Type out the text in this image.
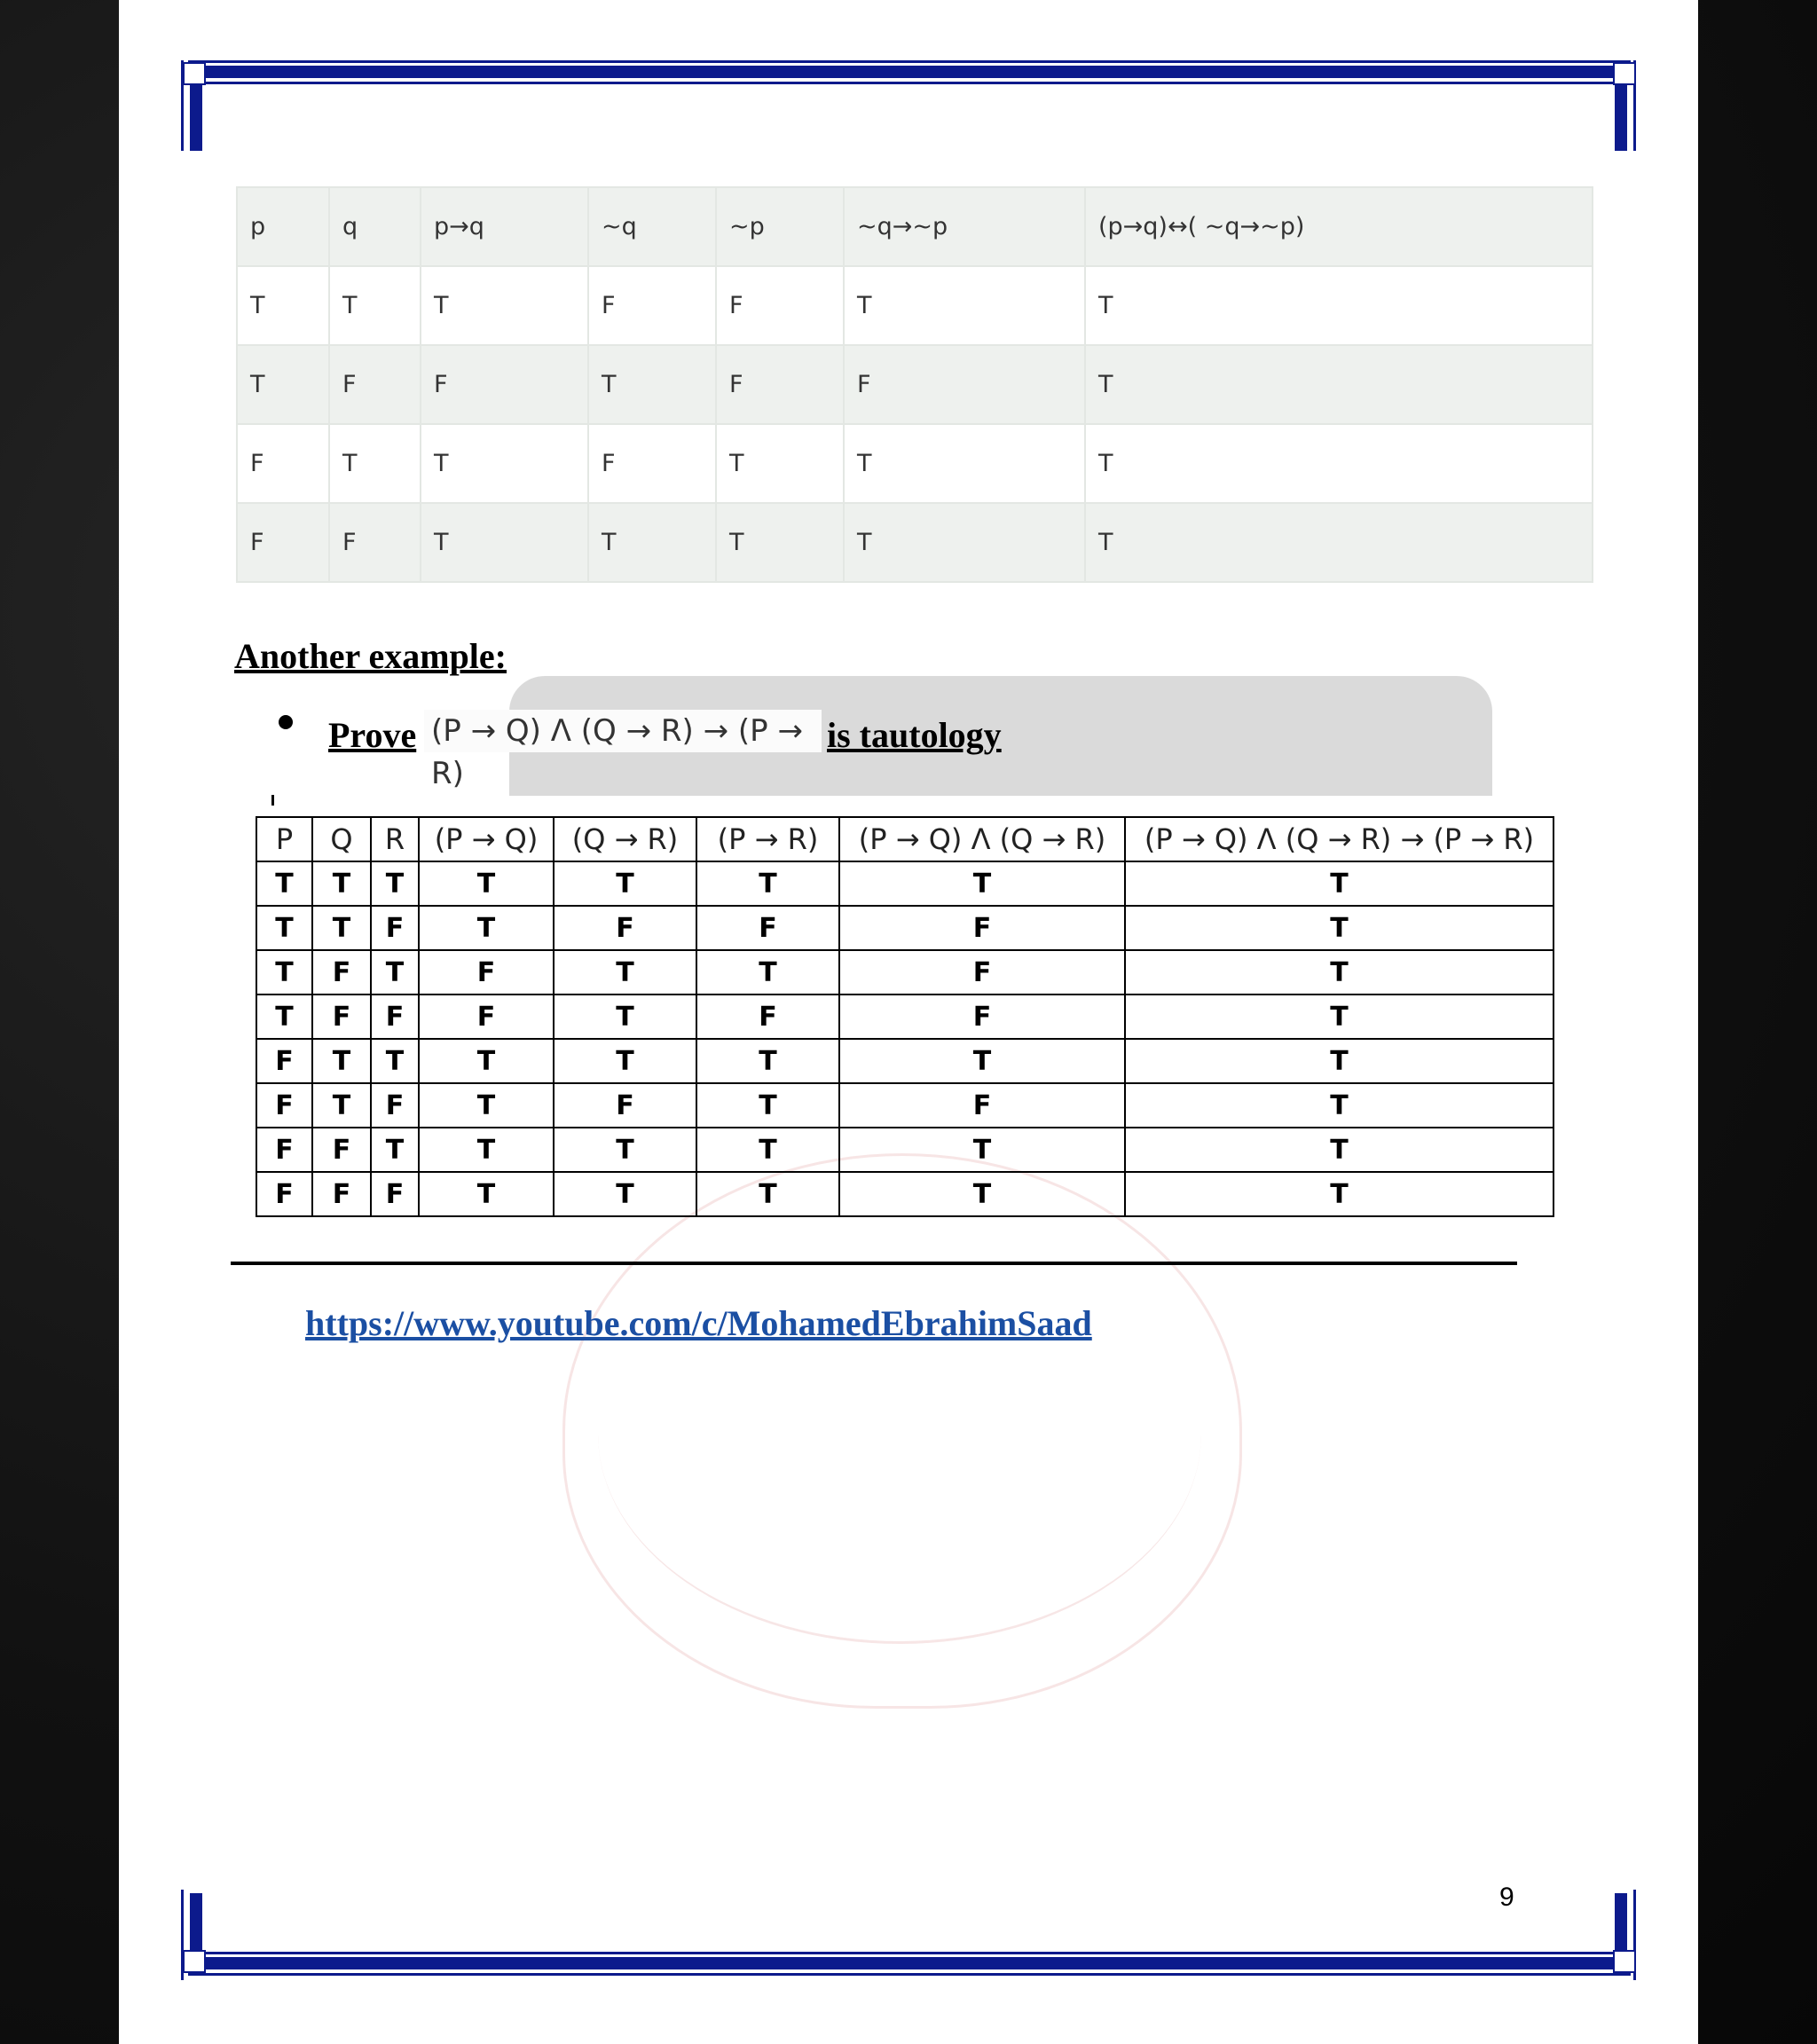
p	q	p→q	~q	~p	~q→~p	(p→q)↔( ~q→~p)
T	T	T	F	F	T	T
T	F	F	T	F	F	T
F	T	T	F	T	T	T
F	F	T	T	T	T	T
Another example:
Prove (P → Q) Λ (Q → R) → (P → R)
is tautology
P	Q	R	(P → Q)	(Q → R)	(P → R)	(P → Q) Λ (Q → R)	(P → Q) Λ (Q → R) → (P → R)
T	T	T	T	T	T	T	T
T	T	F	T	F	F	F	T
T	F	T	F	T	T	F	T
T	F	F	F	T	F	F	T
F	T	T	T	T	T	T	T
F	T	F	T	F	T	F	T
F	F	T	T	T	T	T	T
F	F	F	T	T	T	T	T
https://www.youtube.com/c/MohamedEbrahimSaad
9
